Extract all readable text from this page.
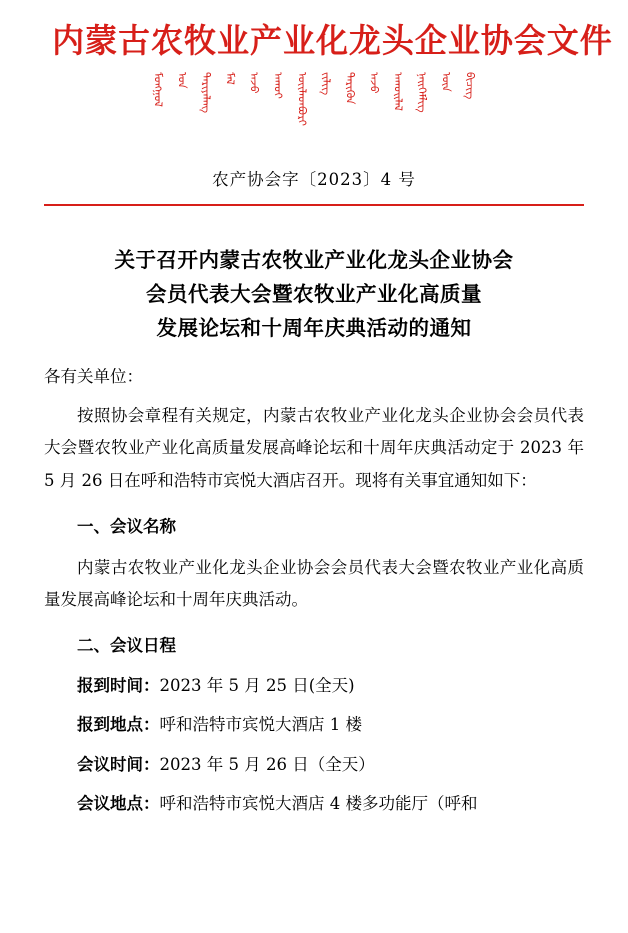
内蒙古农牧业产业化龙头企业协会文件
ᠮᠣᠩᠭᠤᠯ ᠤᠨ ᠲᠠᠷᠢᠶᠠᠯᠠᠩ ᠮᠠᠯ ᠠᠵᠤ ᠠᠬᠤᠢ ᠦᠢᠯᠡᠳᠪᠦᠷᠢ ᠵᠢᠯᠢᠭ ᠲᠡᠷᠢᠭᠦᠨ ᠠᠵᠤ ᠠᠬᠤᠢᠯᠠᠯ ᠨᠡᠢᠭᠡᠮᠯᠢᠭ ᠦᠨ ᠪᠢᠴᠢᠭ
农产协会字〔2023〕4 号
关于召开内蒙古农牧业产业化龙头企业协会
会员代表大会暨农牧业产业化高质量
发展论坛和十周年庆典活动的通知
各有关单位：

按照协会章程有关规定，内蒙古农牧业产业化龙头企业协会会员代表大会暨农牧业产业化高质量发展高峰论坛和十周年庆典活动定于 2023 年 5 月 26 日在呼和浩特市宾悦大酒店召开。现将有关事宜通知如下：

一、会议名称

内蒙古农牧业产业化龙头企业协会会员代表大会暨农牧业产业化高质量发展高峰论坛和十周年庆典活动。

二、会议日程
报到时间：2023 年 5 月 25 日(全天)
报到地点：呼和浩特市宾悦大酒店 1 楼
会议时间：2023 年 5 月 26 日（全天）
会议地点：呼和浩特市宾悦大酒店 4 楼多功能厅（呼和
